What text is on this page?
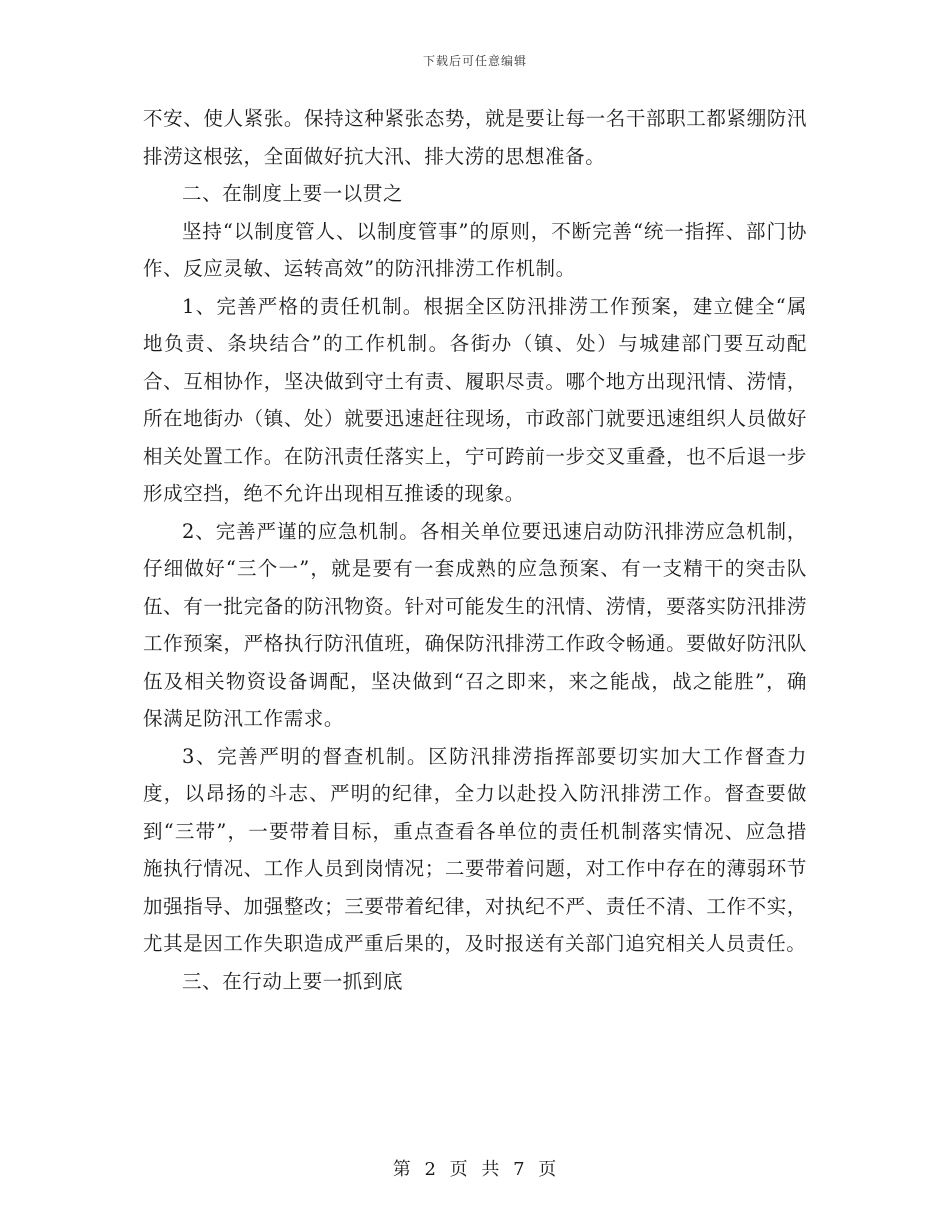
下载后可任意编辑

不安、使人紧张。保持这种紧张态势，就是要让每一名干部职工都紧绷防汛排涝这根弦，全面做好抗大汛、排大涝的思想准备。

二、在制度上要一以贯之

坚持“以制度管人、以制度管事”的原则，不断完善“统一指挥、部门协作、反应灵敏、运转高效”的防汛排涝工作机制。

1、完善严格的责任机制。根据全区防汛排涝工作预案，建立健全“属地负责、条块结合”的工作机制。各街办（镇、处）与城建部门要互动配合、互相协作，坚决做到守土有责、履职尽责。哪个地方出现汛情、涝情，所在地街办（镇、处）就要迅速赶往现场，市政部门就要迅速组织人员做好相关处置工作。在防汛责任落实上，宁可跨前一步交叉重叠，也不后退一步形成空挡，绝不允许出现相互推诿的现象。

2、完善严谨的应急机制。各相关单位要迅速启动防汛排涝应急机制，仔细做好“三个一”，就是要有一套成熟的应急预案、有一支精干的突击队伍、有一批完备的防汛物资。针对可能发生的汛情、涝情，要落实防汛排涝工作预案，严格执行防汛值班，确保防汛排涝工作政令畅通。要做好防汛队伍及相关物资设备调配，坚决做到“召之即来，来之能战，战之能胜”，确保满足防汛工作需求。

3、完善严明的督查机制。区防汛排涝指挥部要切实加大工作督查力度，以昂扬的斗志、严明的纪律，全力以赴投入防汛排涝工作。督查要做到“三带”，一要带着目标，重点查看各单位的责任机制落实情况、应急措施执行情况、工作人员到岗情况；二要带着问题，对工作中存在的薄弱环节加强指导、加强整改；三要带着纪律，对执纪不严、责任不清、工作不实，尤其是因工作失职造成严重后果的，及时报送有关部门追究相关人员责任。

三、在行动上要一抓到底

第 2 页 共 7 页
